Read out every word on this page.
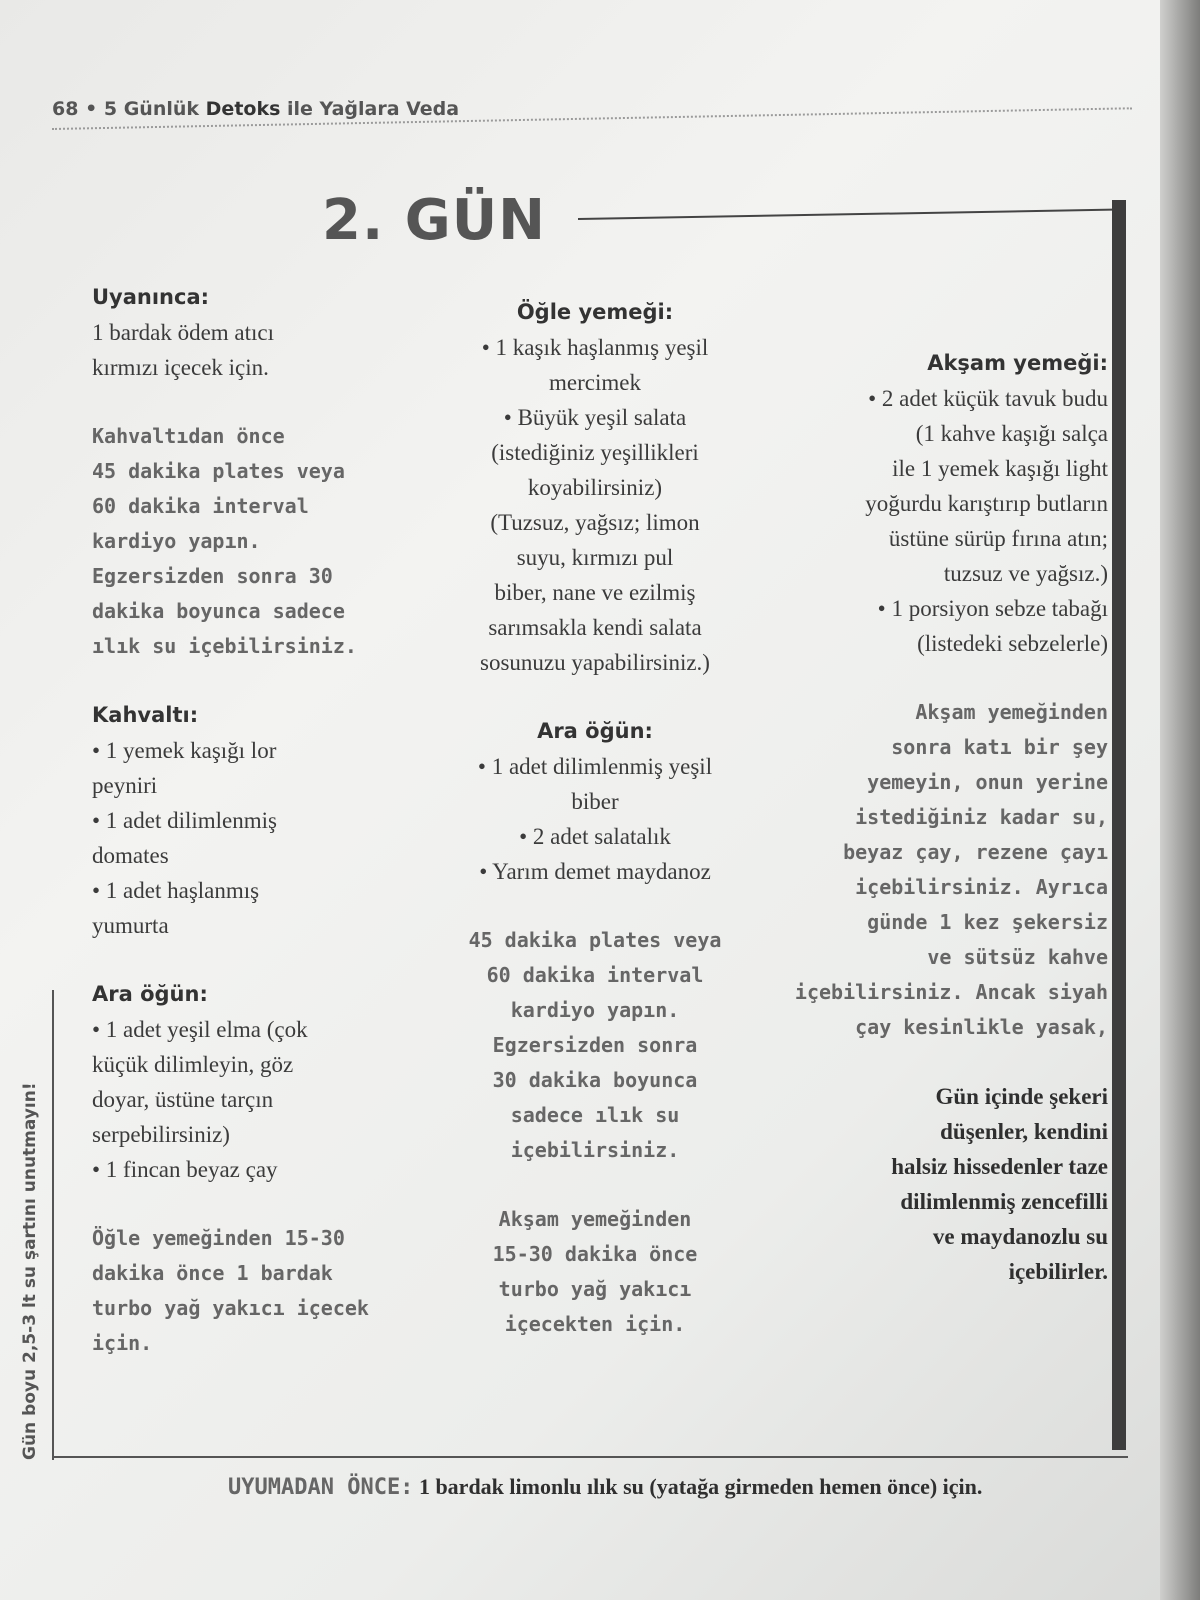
68 • 5 Günlük Detoks ile Yağlara Veda
2. GÜN
Gün boyu 2,5-3 lt su şartını unutmayın!

Uyanınca:

1 bardak ödem atıcı

kırmızı içecek için.

Kahvaltıdan önce

45 dakika plates veya

60 dakika interval

kardiyo yapın.

Egzersizden sonra 30

dakika boyunca sadece

ılık su içebilirsiniz.

Kahvaltı:

• 1 yemek kaşığı lor

peyniri

• 1 adet dilimlenmiş

domates

• 1 adet haşlanmış

yumurta

Ara öğün:

• 1 adet yeşil elma (çok

küçük dilimleyin, göz

doyar, üstüne tarçın

serpebilirsiniz)

• 1 fincan beyaz çay

Öğle yemeğinden 15-30

dakika önce 1 bardak

turbo yağ yakıcı içecek

için.

Öğle yemeği:

• 1 kaşık haşlanmış yeşil

mercimek

• Büyük yeşil salata

(istediğiniz yeşillikleri

koyabilirsiniz)

(Tuzsuz, yağsız; limon

suyu, kırmızı pul

biber, nane ve ezilmiş

sarımsakla kendi salata

sosunuzu yapabilirsiniz.)

Ara öğün:

• 1 adet dilimlenmiş yeşil

biber

• 2 adet salatalık

• Yarım demet maydanoz

45 dakika plates veya

60 dakika interval

kardiyo yapın.

Egzersizden sonra

30 dakika boyunca

sadece ılık su

içebilirsiniz.

Akşam yemeğinden

15-30 dakika önce

turbo yağ yakıcı

içecekten için.

Akşam yemeği:

• 2 adet küçük tavuk budu

(1 kahve kaşığı salça

ile 1 yemek kaşığı light

yoğurdu karıştırıp butların

üstüne sürüp fırına atın;

tuzsuz ve yağsız.)

• 1 porsiyon sebze tabağı

(listedeki sebzelerle)

Akşam yemeğinden

sonra katı bir şey

yemeyin, onun yerine

istediğiniz kadar su,

beyaz çay, rezene çayı

içebilirsiniz. Ayrıca

günde 1 kez şekersiz

ve sütsüz kahve

içebilirsiniz. Ancak siyah

çay kesinlikle yasak,

Gün içinde şekeri

düşenler, kendini

halsiz hissedenler taze

dilimlenmiş zencefilli

ve maydanozlu su

içebilirler.

UYUMADAN ÖNCE: 1 bardak limonlu ılık su (yatağa girmeden hemen önce) için.
